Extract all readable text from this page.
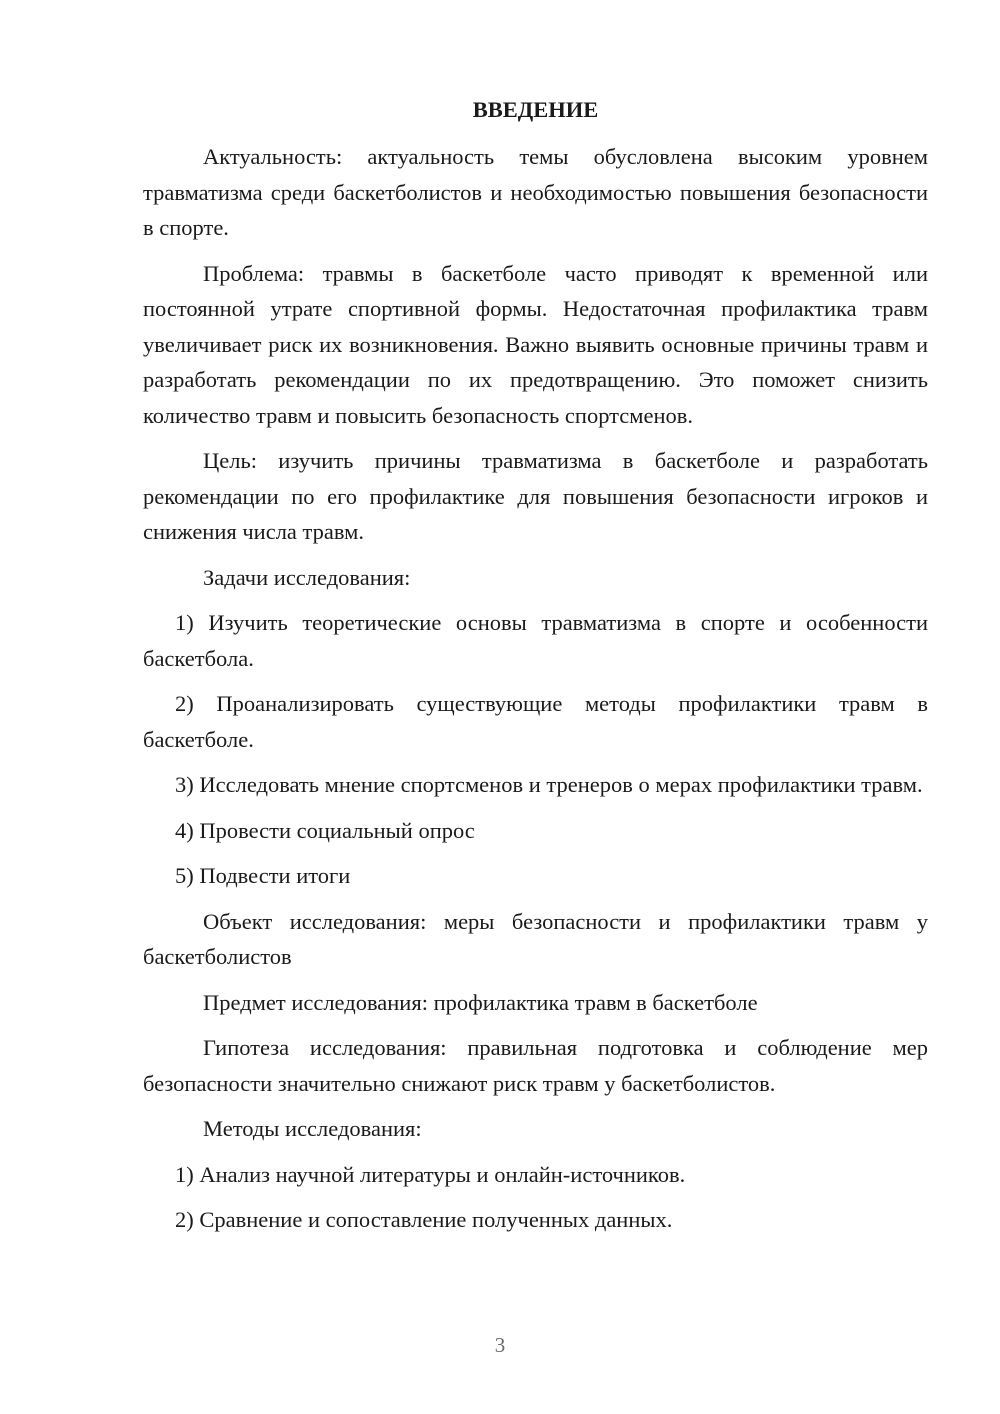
ВВЕДЕНИЕ

Актуальность: актуальность темы обусловлена высоким уровнем травматизма среди баскетболистов и необходимостью повышения безопасности в спорте.

Проблема: травмы в баскетболе часто приводят к временной или постоянной утрате спортивной формы. Недостаточная профилактика травм увеличивает риск их возникновения. Важно выявить основные причины травм и разработать рекомендации по их предотвращению. Это поможет снизить количество травм и повысить безопасность спортсменов.

Цель: изучить причины травматизма в баскетболе и разработать рекомендации по его профилактике для повышения безопасности игроков и снижения числа травм.

Задачи исследования:

1) Изучить теоретические основы травматизма в спорте и особенности баскетбола.

2) Проанализировать существующие методы профилактики травм в баскетболе.

3) Исследовать мнение спортсменов и тренеров о мерах профилактики травм.

4) Провести социальный опрос

5) Подвести итоги

Объект исследования: меры безопасности и профилактики травм у баскетболистов

Предмет исследования: профилактика травм в баскетболе

Гипотеза исследования: правильная подготовка и соблюдение мер безопасности значительно снижают риск травм у баскетболистов.

Методы исследования:

1) Анализ научной литературы и онлайн-источников.

2) Сравнение и сопоставление полученных данных.

3
